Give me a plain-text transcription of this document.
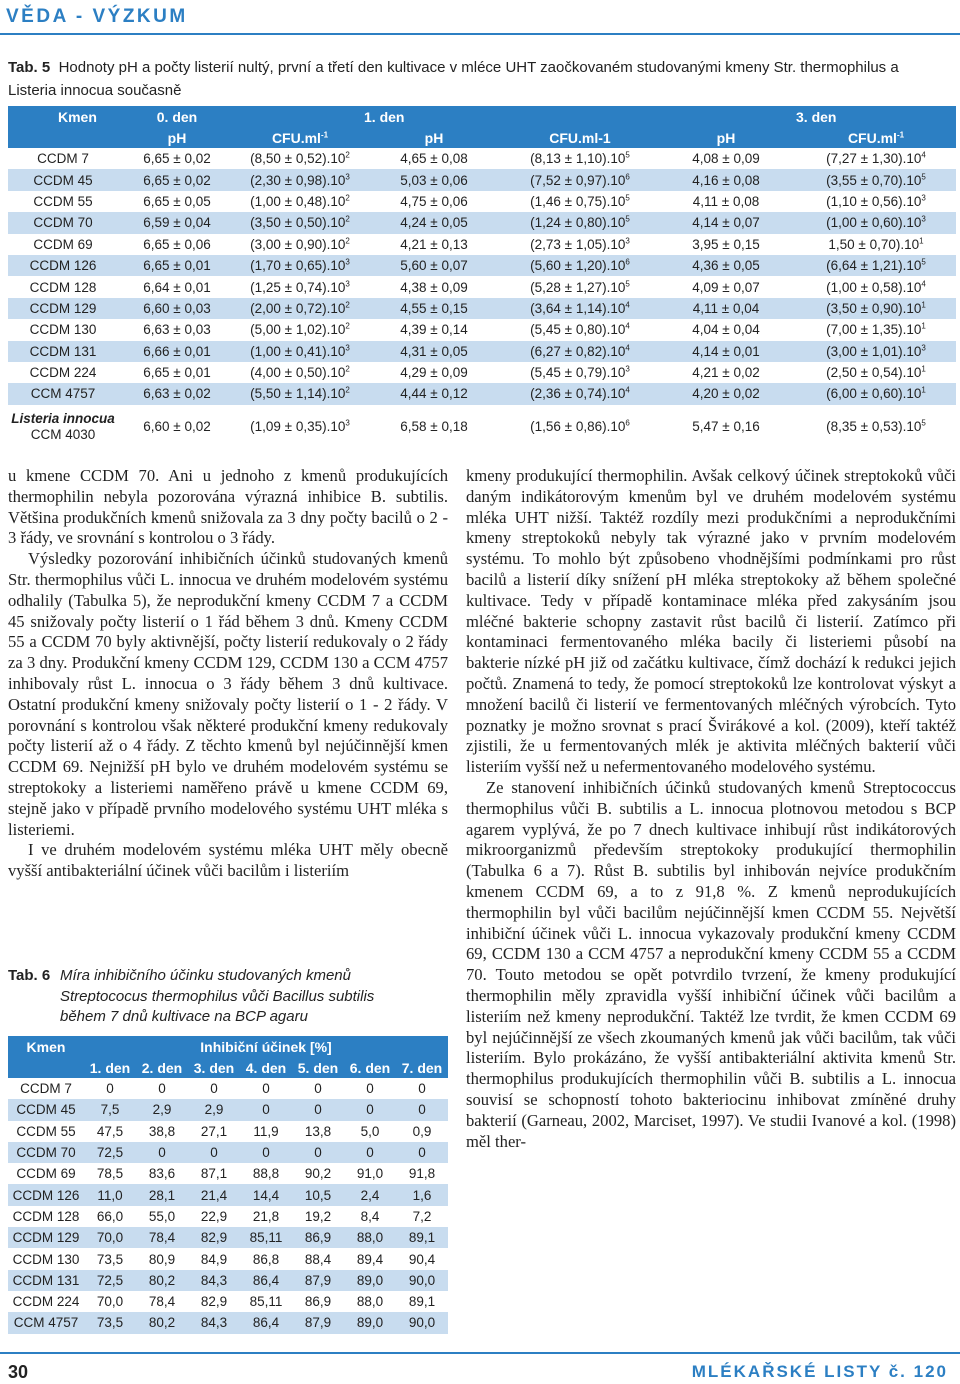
VĚDA - VÝZKUM
Tab. 5 Hodnoty pH a počty listerií nultý, první a třetí den kultivace v mléce UHT zaočkovaném studovanými kmeny Str. thermophilus a Listeria innocua současně
Kmen	0. den		1. den			3. den
	pH	$CFU.ml^{-1}$	pH	CFU.ml-1	pH	$CFU.ml^{-1}$
CCDM 7	6,65 ± 0,02	$(8,50 \pm 0,52).10^2$	4,65 ± 0,08	$(8,13 \pm 1,10).10^5$	4,08 ± 0,09	$(7,27 \pm 1,30).10^4$
CCDM 45	6,65 ± 0,02	$(2,30 \pm 0,98).10^3$	5,03 ± 0,06	$(7,52 \pm 0,97).10^6$	4,16 ± 0,08	$(3,55 \pm 0,70).10^5$
CCDM 55	6,65 ± 0,05	$(1,00 \pm 0,48).10^2$	4,75 ± 0,06	$(1,46 \pm 0,75).10^5$	4,11 ± 0,08	$(1,10 \pm 0,56).10^3$
CCDM 70	6,59 ± 0,04	$(3,50 \pm 0,50).10^2$	4,24 ± 0,05	$(1,24 \pm 0,80).10^5$	4,14 ± 0,07	$(1,00 \pm 0,60).10^3$
CCDM 69	6,65 ± 0,06	$(3,00 \pm 0,90).10^2$	4,21 ± 0,13	$(2,73 \pm 1,05).10^3$	3,95 ± 0,15	$1,50 \pm 0,70).10^1$
CCDM 126	6,65 ± 0,01	$(1,70 \pm 0,65).10^3$	5,60 ± 0,07	$(5,60 \pm 1,20).10^6$	4,36 ± 0,05	$(6,64 \pm 1,21).10^5$
CCDM 128	6,64 ± 0,01	$(1,25 \pm 0,74).10^3$	4,38 ± 0,09	$(5,28 \pm 1,27).10^5$	4,09 ± 0,07	$(1,00 \pm 0,58).10^4$
CCDM 129	6,60 ± 0,03	$(2,00 \pm 0,72).10^2$	4,55 ± 0,15	$(3,64 \pm 1,14).10^4$	4,11 ± 0,04	$(3,50 \pm 0,90).10^1$
CCDM 130	6,63 ± 0,03	$(5,00 \pm 1,02).10^2$	4,39 ± 0,14	$(5,45 \pm 0,80).10^4$	4,04 ± 0,04	$(7,00 \pm 1,35).10^1$
CCDM 131	6,66 ± 0,01	$(1,00 \pm 0,41).10^3$	4,31 ± 0,05	$(6,27 \pm 0,82).10^4$	4,14 ± 0,01	$(3,00 \pm 1,01).10^3$
CCDM 224	6,65 ± 0,01	$(4,00 \pm 0,50).10^2$	4,29 ± 0,09	$(5,45 \pm 0,79).10^3$	4,21 ± 0,02	$(2,50 \pm 0,54).10^1$
CCM 4757	6,63 ± 0,02	$(5,50 \pm 1,14).10^2$	4,44 ± 0,12	$(2,36 \pm 0,74).10^4$	4,20 ± 0,02	$(6,00 \pm 0,60).10^1$

Listeria innocua
CCM 4030	6,60 ± 0,02	$(1,09 \pm 0,35).10^3$	6,58 ± 0,18	$(1,56 \pm 0,86).10^6$	5,47 ± 0,16	$(8,35 \pm 0,53).10^5$

u kmene CCDM 70. Ani u jednoho z kmenů produkujících thermophilin nebyla pozorována výrazná inhibice B. subtilis. Většina produkčních kmenů snižovala za 3 dny počty bacilů o 2 - 3 řády, ve srovnání s kontrolou o 3 řády.

Výsledky pozorování inhibičních účinků studovaných kmenů Str. thermophilus vůči L. innocua ve druhém modelovém systému odhalily (Tabulka 5), že neprodukční kmeny CCDM 7 a CCDM 45 snižovaly počty listerií o 1 řád během 3 dnů. Kmeny CCDM 55 a CCDM 70 byly aktivnější, počty listerií redukovaly o 2 řády za 3 dny. Produkční kmeny CCDM 129, CCDM 130 a CCM 4757 inhibovaly růst L. innocua o 3 řády během 3 dnů kultivace. Ostatní produkční kmeny snižovaly počty listerií o 1 - 2 řády. V porovnání s kontrolou však některé produkční kmeny redukovaly počty listerií až o 4 řády. Z těchto kmenů byl nejúčinnější kmen CCDM 69. Nejnižší pH bylo ve druhém modelovém systému se streptokoky a listeriemi naměřeno právě u kmene CCDM 69, stejně jako v případě prvního modelového systému UHT mléka s listeriemi.

I ve druhém modelovém systému mléka UHT měly obecně vyšší antibakteriální účinek vůči bacilům i listeriím

Tab. 6 Míra inhibičního účinku studovaných kmenů
Streptococus thermophilus vůči Bacillus subtilis
během 7 dnů kultivace na BCP agaru
Kmen	Inhibiční účinek [%]						
	1. den	2. den	3. den	4. den	5. den	6. den	7. den
CCDM 7	0	0	0	0	0	0	0
CCDM 45	7,5	2,9	2,9	0	0	0	0
CCDM 55	47,5	38,8	27,1	11,9	13,8	5,0	0,9
CCDM 70	72,5	0	0	0	0	0	0
CCDM 69	78,5	83,6	87,1	88,8	90,2	91,0	91,8
CCDM 126	11,0	28,1	21,4	14,4	10,5	2,4	1,6
CCDM 128	66,0	55,0	22,9	21,8	19,2	8,4	7,2
CCDM 129	70,0	78,4	82,9	85,11	86,9	88,0	89,1
CCDM 130	73,5	80,9	84,9	86,8	88,4	89,4	90,4
CCDM 131	72,5	80,2	84,3	86,4	87,9	89,0	90,0
CCDM 224	70,0	78,4	82,9	85,11	86,9	88,0	89,1
CCM 4757	73,5	80,2	84,3	86,4	87,9	89,0	90,0

kmeny produkující thermophilin. Avšak celkový účinek streptokoků vůči daným indikátorovým kmenům byl ve druhém modelovém systému mléka UHT nižší. Taktéž rozdíly mezi produkčními a neprodukčními kmeny streptokoků nebyly tak výrazné jako v prvním modelovém systému. To mohlo být způsobeno vhodnějšími podmínkami pro růst bacilů a listerií díky snížení pH mléka streptokoky až během společné kultivace. Tedy v případě kontaminace mléka před zakysáním jsou mléčné bakterie schopny zastavit růst bacilů či listerií. Zatímco při kontaminaci fermentovaného mléka bacily či listeriemi působí na bakterie nízké pH již od začátku kultivace, čímž dochází k redukci jejich počtů. Znamená to tedy, že pomocí streptokoků lze kontrolovat výskyt a množení bacilů či listerií ve fermentovaných mléčných výrobcích. Tyto poznatky je možno srovnat s prací Švirákové a kol. (2009), kteří taktéž zjistili, že u fermentovaných mlék je aktivita mléčných bakterií vůči listeriím vyšší než u nefermentovaného modelového systému.

Ze stanovení inhibičních účinků studovaných kmenů Streptococcus thermophilus vůči B. subtilis a L. innocua plotnovou metodou s BCP agarem vyplývá, že po 7 dnech kultivace inhibují růst indikátorových mikroorganizmů především streptokoky produkující thermophilin (Tabulka 6 a 7). Růst B. subtilis byl inhibován nejvíce produkčním kmenem CCDM 69, a to z 91,8 %. Z kmenů neprodukujících thermophilin byl vůči bacilům nejúčinnější kmen CCDM 55. Největší inhibiční účinek vůči L. innocua vykazovaly produkční kmeny CCDM 69, CCDM 130 a CCM 4757 a neprodukční kmeny CCDM 55 a CCDM 70. Touto metodou se opět potvrdilo tvrzení, že kmeny produkující thermophilin měly zpravidla vyšší inhibiční účinek vůči bacilům a listeriím než kmeny neprodukční. Taktéž lze tvrdit, že kmen CCDM 69 byl nejúčinnější ze všech zkoumaných kmenů jak vůči bacilům, tak vůči listeriím. Bylo prokázáno, že vyšší antibakteriální aktivita kmenů Str. thermophilus produkujících thermophilin vůči B. subtilis a L. innocua souvisí se schopností tohoto bakteriocinu inhibovat zmíněné druhy bakterií (Garneau, 2002, Marciset, 1997). Ve studii Ivanové a kol. (1998) měl ther-

30	MLÉKAŘSKÉ LISTY č. 120
